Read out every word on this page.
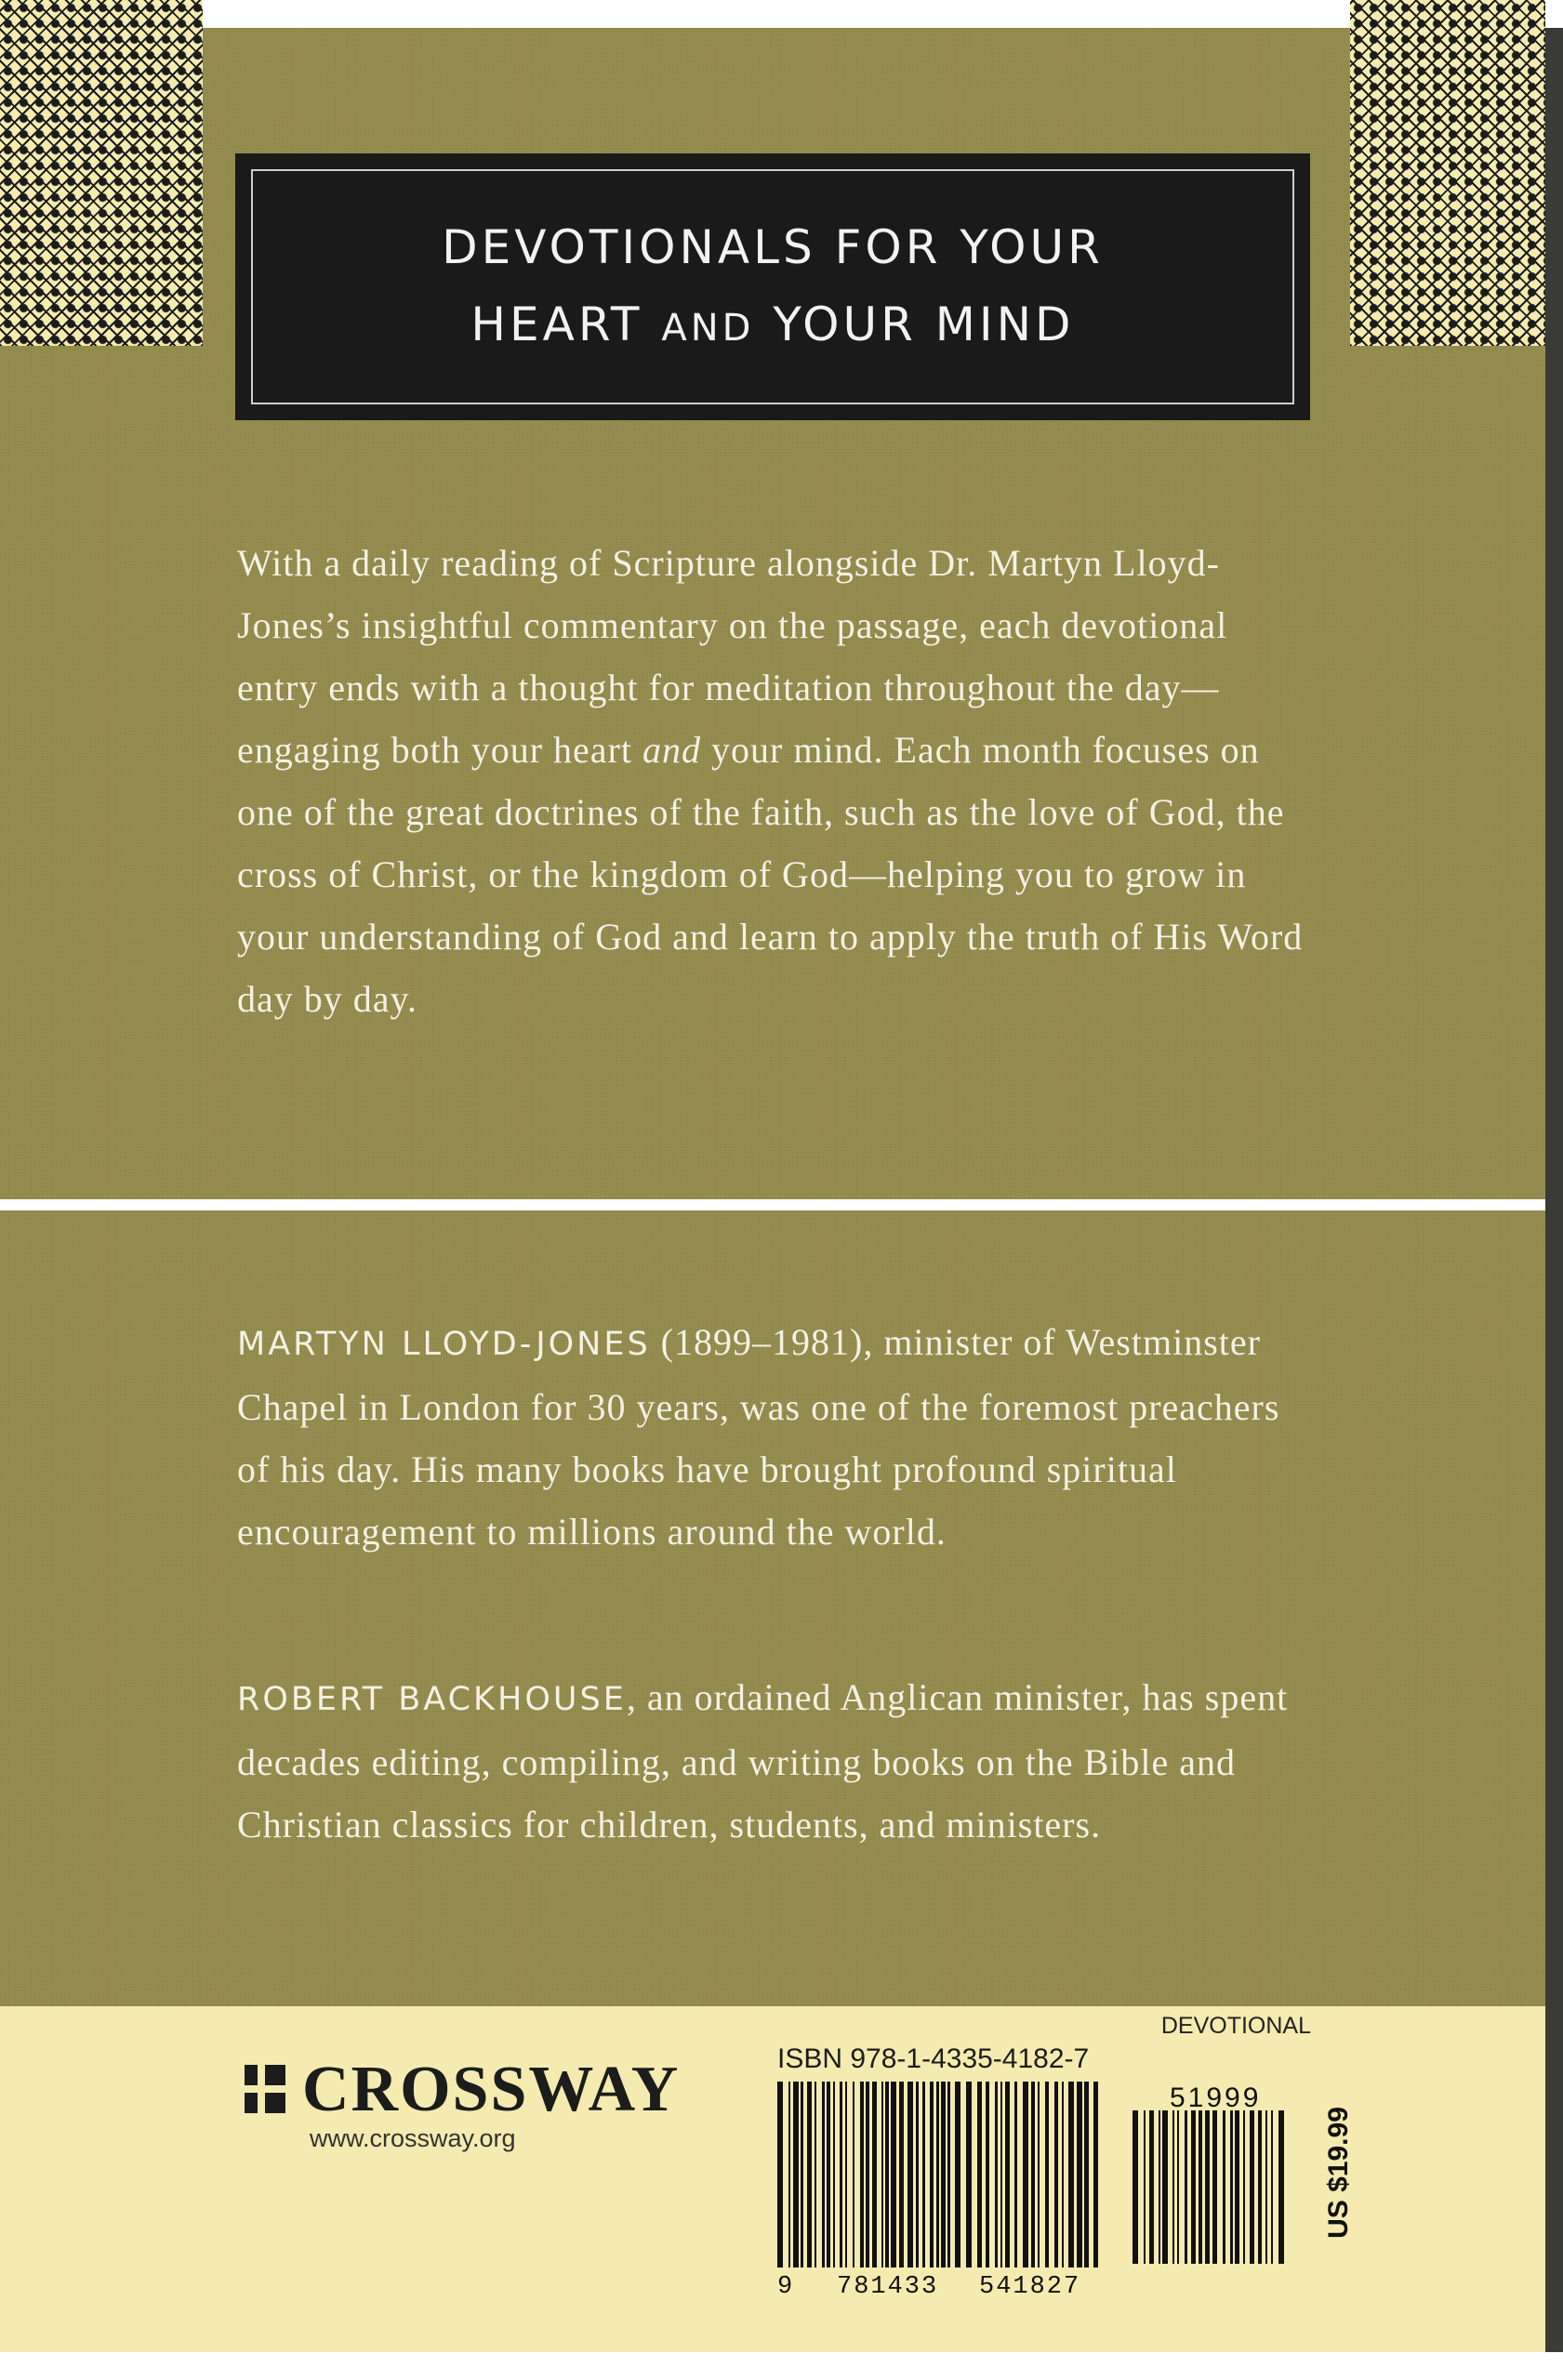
DEVOTIONALS FOR YOUR
HEART AND YOUR MIND
With a daily reading of Scripture alongside Dr. Martyn Lloyd-Jones’s insightful commentary on the passage, each devotional entry ends with a thought for meditation throughout the day—engaging both your heart and your mind. Each month focuses on one of the great doctrines of the faith, such as the love of God, the cross of Christ, or the kingdom of God—helping you to grow in your understanding of God and learn to apply the truth of His Word day by day.
MARTYN LLOYD-JONES (1899–1981), minister of Westminster Chapel in London for 30 years, was one of the foremost preachers of his day. His many books have brought profound spiritual encouragement to millions around the world.
ROBERT BACKHOUSE, an ordained Anglican minister, has spent decades editing, compiling, and writing books on the Bible and Christian classics for children, students, and ministers.
CROSSWAY
www.crossway.org
DEVOTIONAL
ISBN 978-1-4335-4182-7
9 781433 541827
51999
US $19.99
